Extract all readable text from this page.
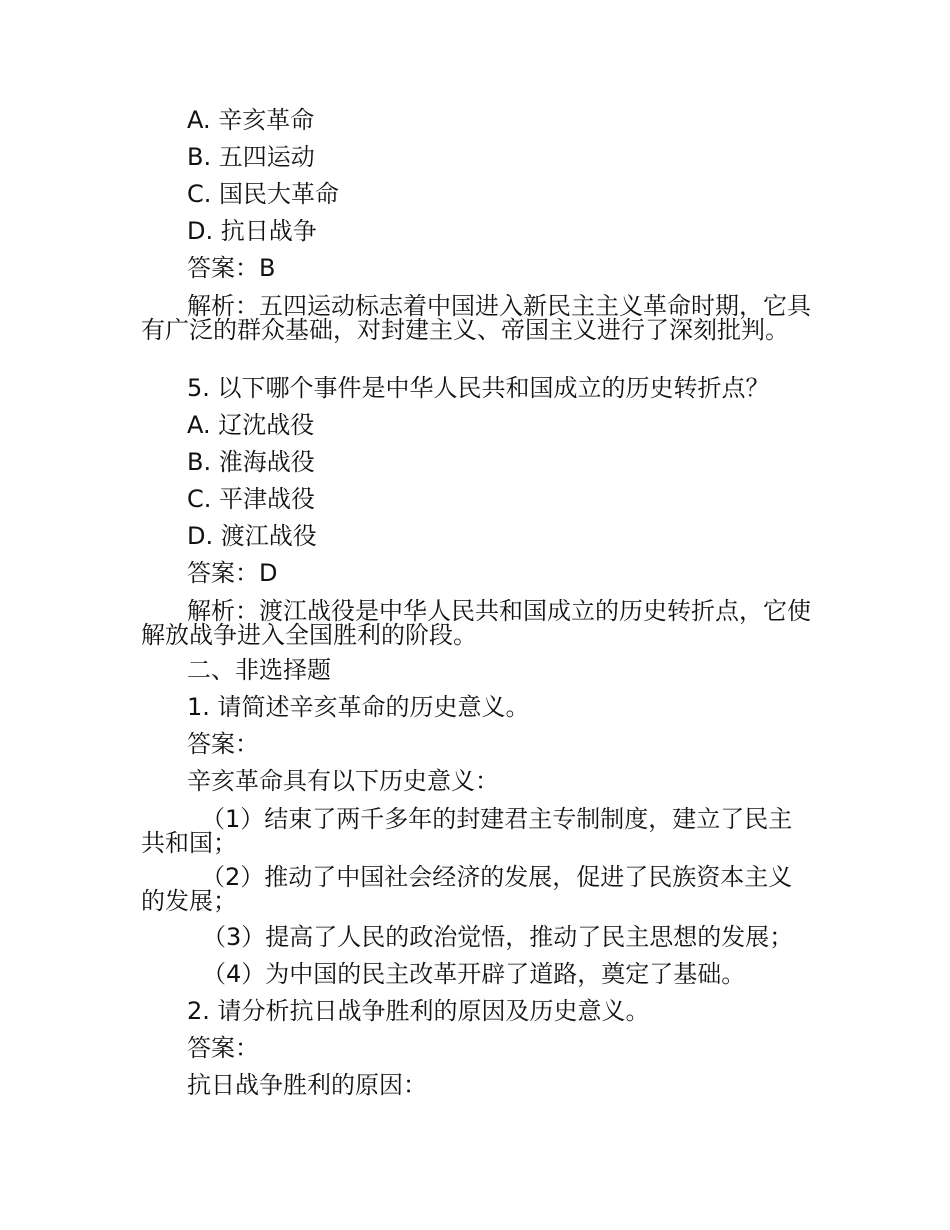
A. 辛亥革命
B. 五四运动
C. 国民大革命
D. 抗日战争
答案：B
解析：五四运动标志着中国进入新民主主义革命时期，它具有广泛的群众基础，对封建主义、帝国主义进行了深刻批判。
5. 以下哪个事件是中华人民共和国成立的历史转折点？
A. 辽沈战役
B. 淮海战役
C. 平津战役
D. 渡江战役
答案：D
解析：渡江战役是中华人民共和国成立的历史转折点，它使解放战争进入全国胜利的阶段。
二、非选择题
1. 请简述辛亥革命的历史意义。
答案：
辛亥革命具有以下历史意义：
（1）结束了两千多年的封建君主专制制度，建立了民主共和国；
（2）推动了中国社会经济的发展，促进了民族资本主义的发展；
（3）提高了人民的政治觉悟，推动了民主思想的发展；
（4）为中国的民主改革开辟了道路，奠定了基础。
2. 请分析抗日战争胜利的原因及历史意义。
答案：
抗日战争胜利的原因：
